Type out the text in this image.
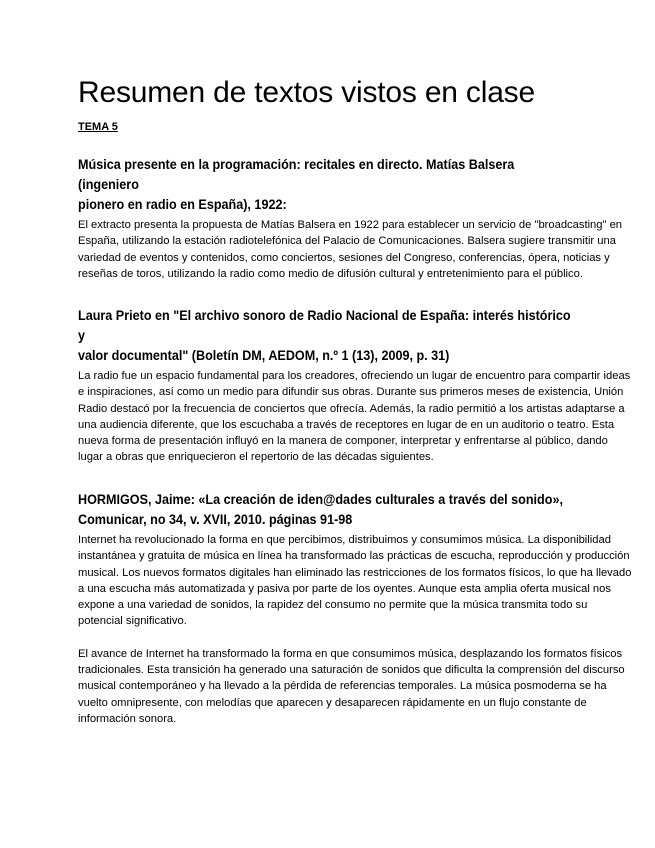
Resumen de textos vistos en clase

TEMA 5

Música presente en la programación: recitales en directo. Matías Balsera (ingeniero

pionero en radio en España), 1922:

El extracto presenta la propuesta de Matías Balsera en 1922 para establecer un servicio de "broadcasting" en España, utilizando la estación radiotelefónica del Palacio de Comunicaciones. Balsera sugiere transmitir una variedad de eventos y contenidos, como conciertos, sesiones del Congreso, conferencias, ópera, noticias y reseñas de toros, utilizando la radio como medio de difusión cultural y entretenimiento para el público.

Laura Prieto en "El archivo sonoro de Radio Nacional de España: interés histórico y

valor documental" (Boletín DM, AEDOM, n.º 1 (13), 2009, p. 31)

La radio fue un espacio fundamental para los creadores, ofreciendo un lugar de encuentro para compartir ideas e inspiraciones, así como un medio para difundir sus obras. Durante sus primeros meses de existencia, Unión Radio destacó por la frecuencia de conciertos que ofrecía. Además, la radio permitió a los artistas adaptarse a una audiencia diferente, que los escuchaba a través de receptores en lugar de en un auditorio o teatro. Esta nueva forma de presentación influyó en la manera de componer, interpretar y enfrentarse al público, dando lugar a obras que enriquecieron el repertorio de las décadas siguientes.

HORMIGOS, Jaime: «La creación de iden@dades culturales a través del sonido»,

Comunicar, no 34, v. XVII, 2010. páginas 91-98

Internet ha revolucionado la forma en que percibimos, distribuimos y consumimos música. La disponibilidad instantánea y gratuita de música en línea ha transformado las prácticas de escucha, reproducción y producción musical. Los nuevos formatos digitales han eliminado las restricciones de los formatos físicos, lo que ha llevado a una escucha más automatizada y pasiva por parte de los oyentes. Aunque esta amplia oferta musical nos expone a una variedad de sonidos, la rapidez del consumo no permite que la música transmita todo su potencial significativo.

El avance de Internet ha transformado la forma en que consumimos música, desplazando los formatos físicos tradicionales. Esta transición ha generado una saturación de sonidos que dificulta la comprensión del discurso musical contemporáneo y ha llevado a la pérdida de referencias temporales. La música posmoderna se ha vuelto omnipresente, con melodías que aparecen y desaparecen rápidamente en un flujo constante de información sonora.
